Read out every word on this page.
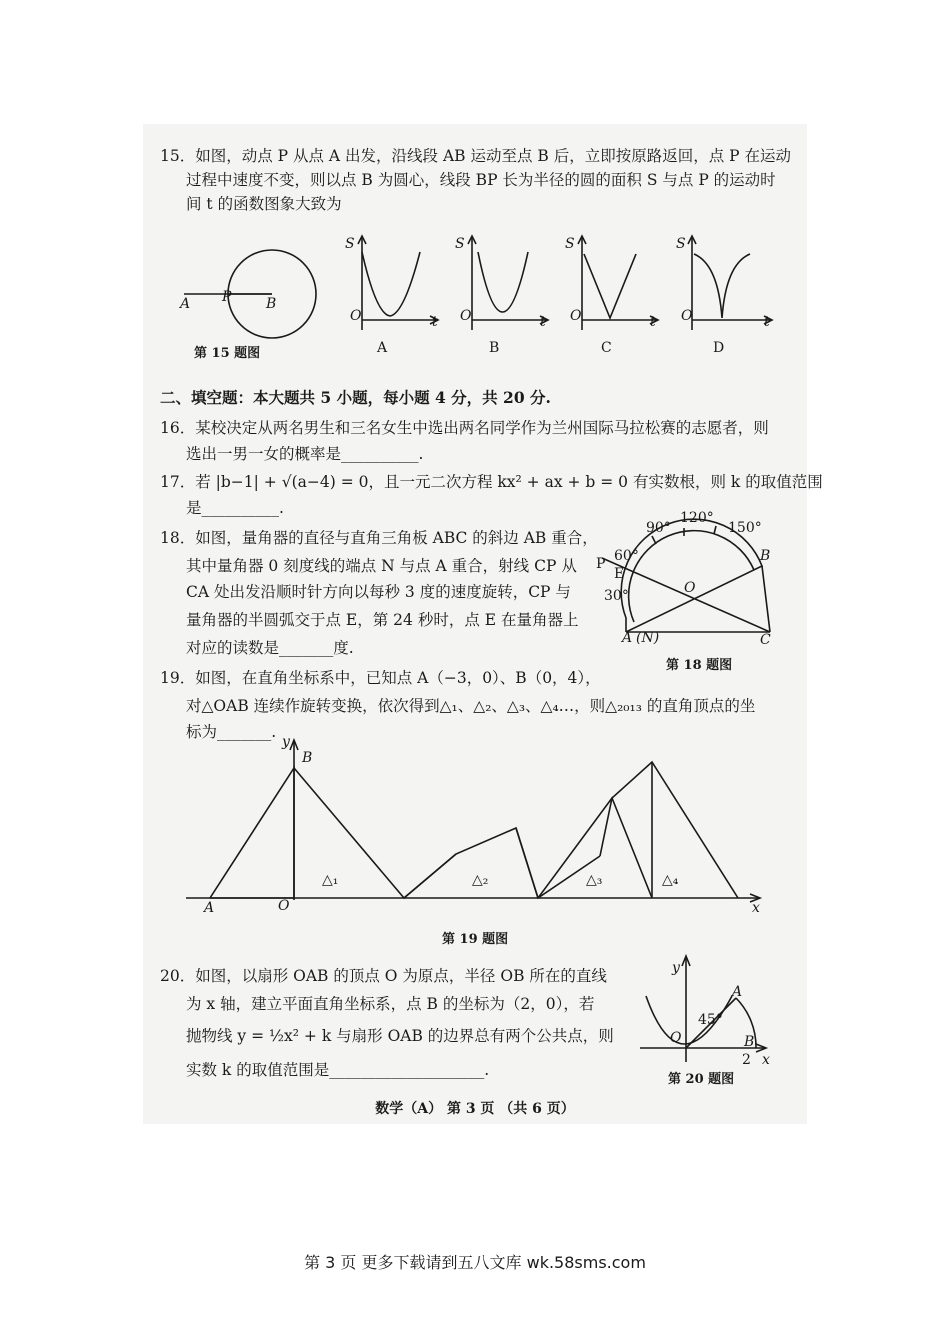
15．如图，动点 P 从点 A 出发，沿线段 AB 运动至点 B 后，立即按原路返回，点 P 在运动
过程中速度不变，则以点 B 为圆心，线段 BP 长为半径的圆的面积 S 与点 P 的运动时
间 t 的函数图象大致为
A P B
第 15 题图
S
O	t
A
S
O	t
B
S
O	t
C
S
O	t
D
二、填空题：本大题共 5 小题，每小题 4 分，共 20 分.
16．某校决定从两名男生和三名女生中选出两名同学作为兰州国际马拉松赛的志愿者，则
选出一男一女的概率是__________.
17．若 |b−1| + √(a−4) = 0，且一元二次方程 kx² + ax + b = 0 有实数根，则 k 的取值范围
是__________.
18．如图，量角器的直径与直角三角板 ABC 的斜边 AB 重合，
其中量角器 0 刻度线的端点 N 与点 A 重合，射线 CP 从
CA 处出发沿顺时针方向以每秒 3 度的速度旋转，CP 与
量角器的半圆弧交于点 E，第 24 秒时，点 E 在量角器上
对应的读数是_______度.
120°
90°	150°
60°
30°
P
E
O
B
A (N)	C
第 18 题图
19．如图，在直角坐标系中，已知点 A（−3，0）、B（0，4），
对△OAB 连续作旋转变换，依次得到△₁、△₂、△₃、△₄…，则△₂₀₁₃ 的直角顶点的坐
标为_______.
y
B
A	O	x
△₁	△₂	△₃	△₄
第 19 题图
20．如图，以扇形 OAB 的顶点 O 为原点，半径 OB 所在的直线
为 x 轴，建立平面直角坐标系，点 B 的坐标为（2，0），若
抛物线 y = ½x² + k 与扇形 OAB 的边界总有两个公共点，则
实数 k 的取值范围是____________________.
y
A
O
45°
B
2 x
第 20 题图
数学（A） 第 3 页 （共 6 页）
第 3 页 更多下载请到五八文库 wk.58sms.com
